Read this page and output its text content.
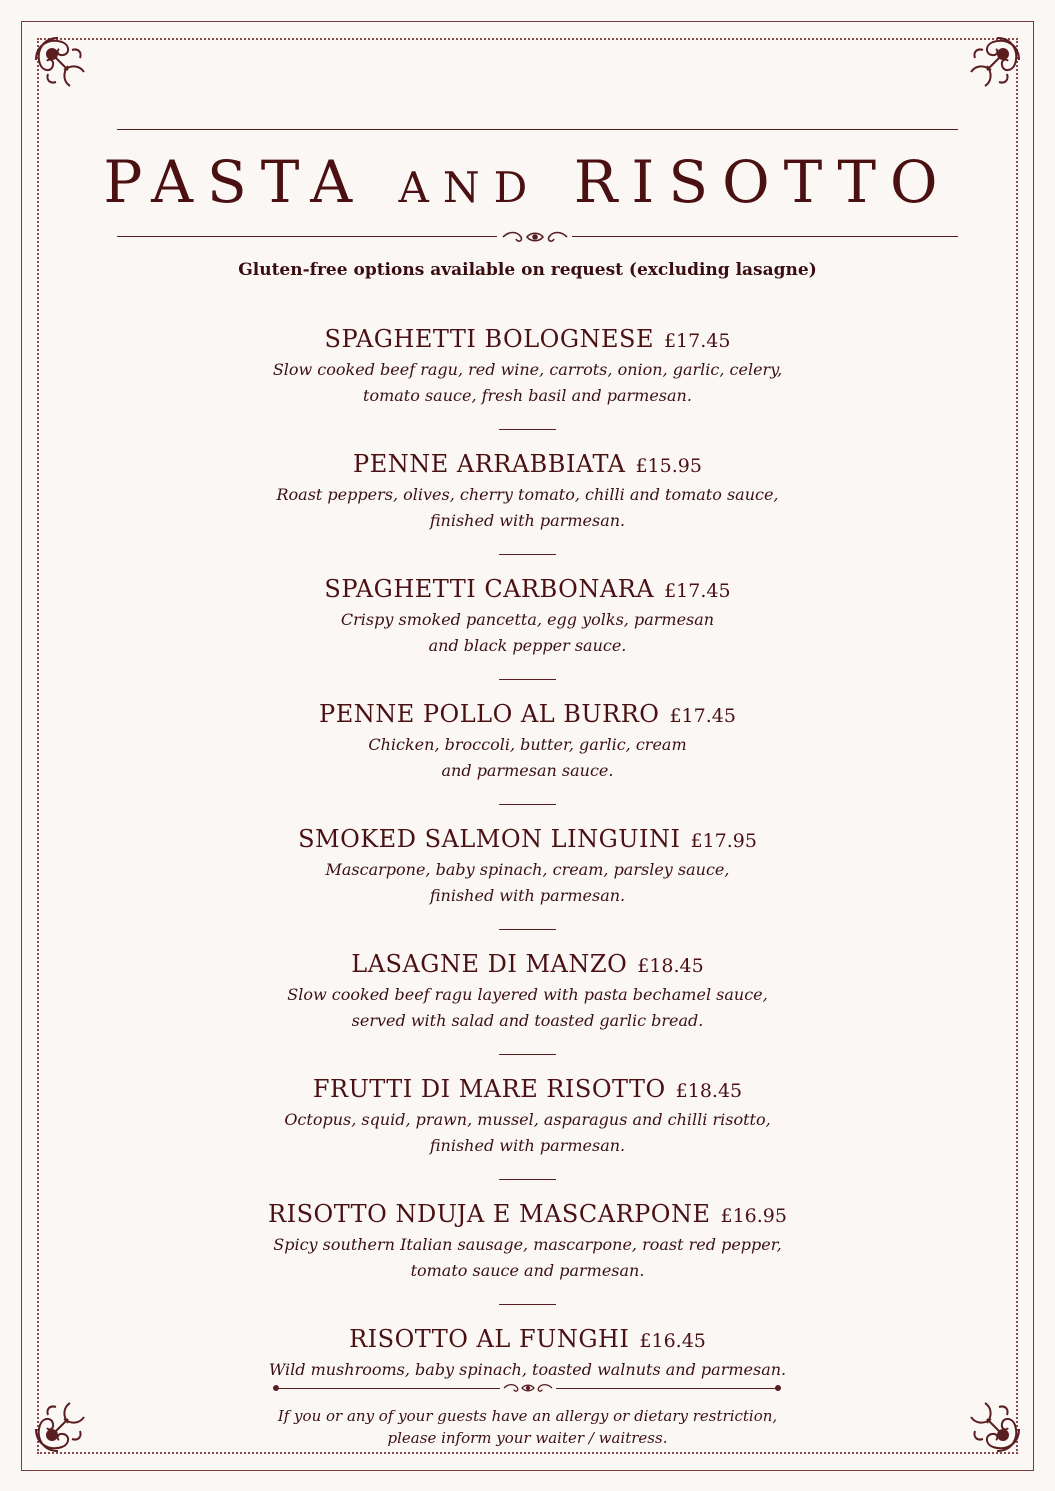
PASTA AND RISOTTO
Gluten-free options available on request (excluding lasagne)
SPAGHETTI BOLOGNESE £17.45
Slow cooked beef ragu, red wine, carrots, onion, garlic, celery,
tomato sauce, fresh basil and parmesan.
PENNE ARRABBIATA £15.95
Roast peppers, olives, cherry tomato, chilli and tomato sauce,
finished with parmesan.
SPAGHETTI CARBONARA £17.45
Crispy smoked pancetta, egg yolks, parmesan
and black pepper sauce.
PENNE POLLO AL BURRO £17.45
Chicken, broccoli, butter, garlic, cream
and parmesan sauce.
SMOKED SALMON LINGUINI £17.95
Mascarpone, baby spinach, cream, parsley sauce,
finished with parmesan.
LASAGNE DI MANZO £18.45
Slow cooked beef ragu layered with pasta bechamel sauce,
served with salad and toasted garlic bread.
FRUTTI DI MARE RISOTTO £18.45
Octopus, squid, prawn, mussel, asparagus and chilli risotto,
finished with parmesan.
RISOTTO NDUJA E MASCARPONE £16.95
Spicy southern Italian sausage, mascarpone, roast red pepper,
tomato sauce and parmesan.
RISOTTO AL FUNGHI £16.45
Wild mushrooms, baby spinach, toasted walnuts and parmesan.
If you or any of your guests have an allergy or dietary restriction,
please inform your waiter / waitress.
